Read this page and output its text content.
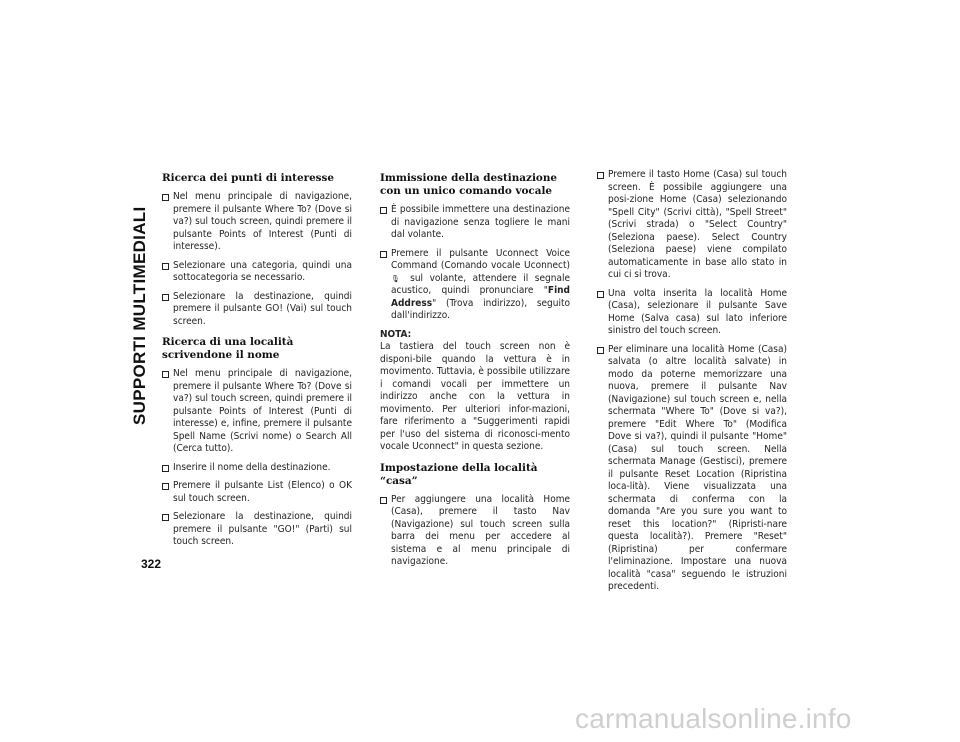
SUPPORTI MULTIMEDIALI
322
Ricerca dei punti di interesse
Nel menu principale di navigazione, premere il pulsante Where To? (Dove si va?) sul touch screen, quindi premere il pulsante Points of Interest (Punti di interesse).
Selezionare una categoria, quindi una sottocategoria se necessario.
Selezionare la destinazione, quindi premere il pulsante GO! (Vai) sul touch screen.
Ricerca di una località scrivendone il nome
Nel menu principale di navigazione, premere il pulsante Where To? (Dove si va?) sul touch screen, quindi premere il pulsante Points of Interest (Punti di interesse) e, infine, premere il pulsante Spell Name (Scrivi nome) o Search All (Cerca tutto).
Inserire il nome della destinazione.
Premere il pulsante List (Elenco) o OK sul touch screen.
Selezionare la destinazione, quindi premere il pulsante "GO!" (Parti) sul touch screen.
Immissione della destinazione con un unico comando vocale
È possibile immettere una destinazione di navigazione senza togliere le mani dal volante.
Premere il pulsante Uconnect Voice Command (Comando vocale Uconnect) 🎙 sul volante, attendere il segnale acustico, quindi pronunciare "Find Address" (Trova indirizzo), seguito dall'indirizzo.

NOTA:

La tastiera del touch screen non è disponi-bile quando la vettura è in movimento. Tuttavia, è possibile utilizzare i comandi vocali per immettere un indirizzo anche con la vettura in movimento. Per ulteriori infor-mazioni, fare riferimento a "Suggerimenti rapidi per l'uso del sistema di riconosci-mento vocale Uconnect" in questa sezione.

Impostazione della località “casa”
Per aggiungere una località Home (Casa), premere il tasto Nav (Navigazione) sul touch screen sulla barra dei menu per accedere al sistema e al menu principale di navigazione.
Premere il tasto Home (Casa) sul touch screen. È possibile aggiungere una posi-zione Home (Casa) selezionando "Spell City" (Scrivi città), "Spell Street" (Scrivi strada) o "Select Country" (Seleziona paese). Select Country (Seleziona paese) viene compilato automaticamente in base allo stato in cui ci si trova.
Una volta inserita la località Home (Casa), selezionare il pulsante Save Home (Salva casa) sul lato inferiore sinistro del touch screen.
Per eliminare una località Home (Casa) salvata (o altre località salvate) in modo da poterne memorizzare una nuova, premere il pulsante Nav (Navigazione) sul touch screen e, nella schermata "Where To" (Dove si va?), premere "Edit Where To" (Modifica Dove si va?), quindi il pulsante "Home" (Casa) sul touch screen. Nella schermata Manage (Gestisci), premere il pulsante Reset Location (Ripristina loca-lità). Viene visualizzata una schermata di conferma con la domanda "Are you sure you want to reset this location?" (Ripristi-nare questa località?). Premere "Reset" (Ripristina) per confermare l'eliminazione. Impostare una nuova località "casa" seguendo le istruzioni precedenti.
carmanualsonline.info
